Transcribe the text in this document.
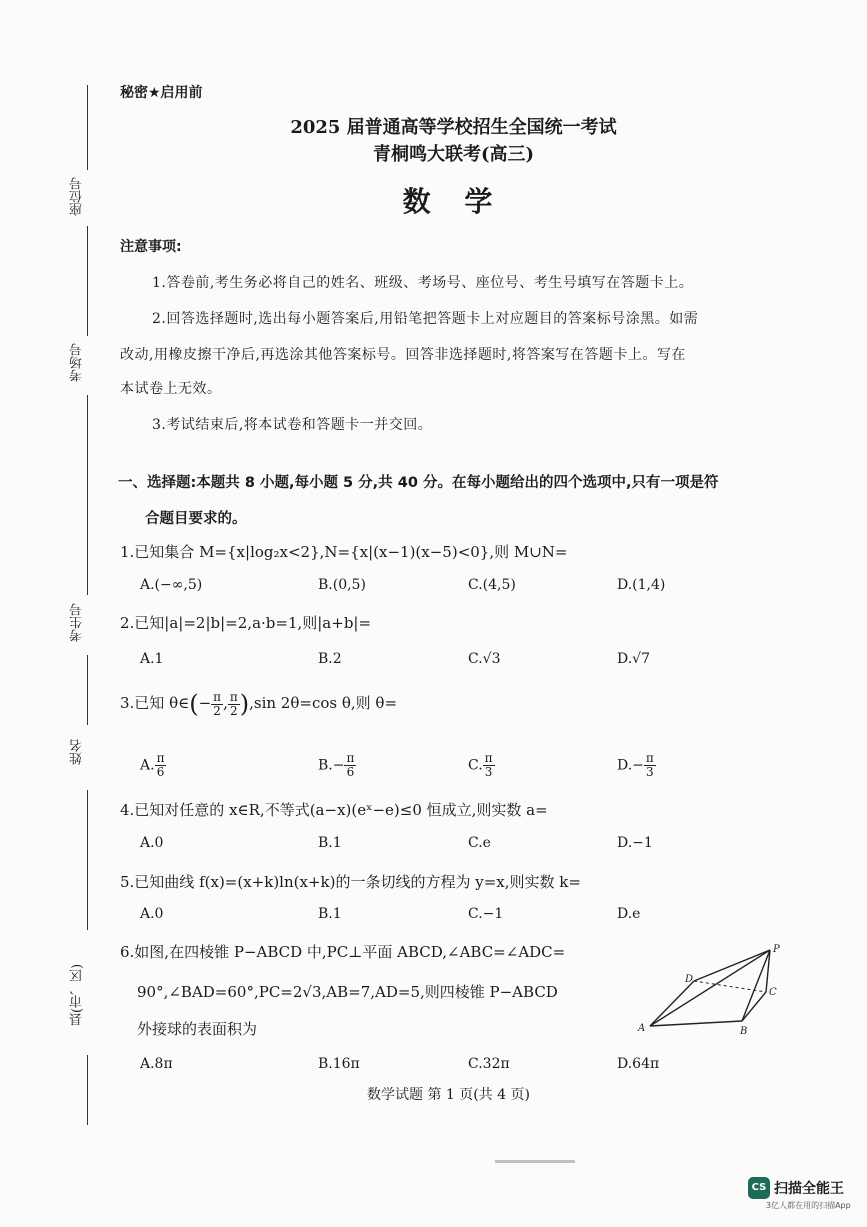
座位号
考场号
考生号
姓名
县(市、区)
秘密★启用前
2025 届普通高等学校招生全国统一考试
青桐鸣大联考(高三)
数 学
注意事项:
1.答卷前,考生务必将自己的姓名、班级、考场号、座位号、考生号填写在答题卡上。
2.回答选择题时,选出每小题答案后,用铅笔把答题卡上对应题目的答案标号涂黑。如需
改动,用橡皮擦干净后,再选涂其他答案标号。回答非选择题时,将答案写在答题卡上。写在
本试卷上无效。
3.考试结束后,将本试卷和答题卡一并交回。
一、选择题:本题共 8 小题,每小题 5 分,共 40 分。在每小题给出的四个选项中,只有一项是符
合题目要求的。
1.已知集合 M={x|log₂x<2},N={x|(x−1)(x−5)<0},则 M∪N=
A.(−∞,5)	B.(0,5)	C.(4,5)	D.(1,4)
2.已知|a|=2|b|=2,a·b=1,则|a+b|=
A.1	B.2	C.√3	D.√7
3.已知 θ∈(− $\frac{\pi}{2}$ , $\frac{\pi}{2} ),\sin$ 2θ=cos θ,则 θ=
A. $\frac{\pi}{6}$	$B.- \frac{\pi}{6}$	C. $\frac{\pi}{3}$	$D.- \frac{\pi}{3}$
4.已知对任意的 x∈R,不等式(a−x)(eˣ−e)≤0 恒成立,则实数 a=
A.0	B.1	C.e	D.−1
5.已知曲线 f(x)=(x+k)ln(x+k)的一条切线的方程为 y=x,则实数 k=
A.0	B.1	C.−1	D.e
6.如图,在四棱锥 P−ABCD 中,PC⊥平面 ABCD,∠ABC=∠ADC=
90°,∠BAD=60°,PC=2√3,AB=7,AD=5,则四棱锥 P−ABCD
外接球的表面积为
A.8π	B.16π	C.32π	D.64π
P
D
C
A	B
数学试题 第 1 页(共 4 页)
CS 扫描全能王
3亿人都在用的扫描App
